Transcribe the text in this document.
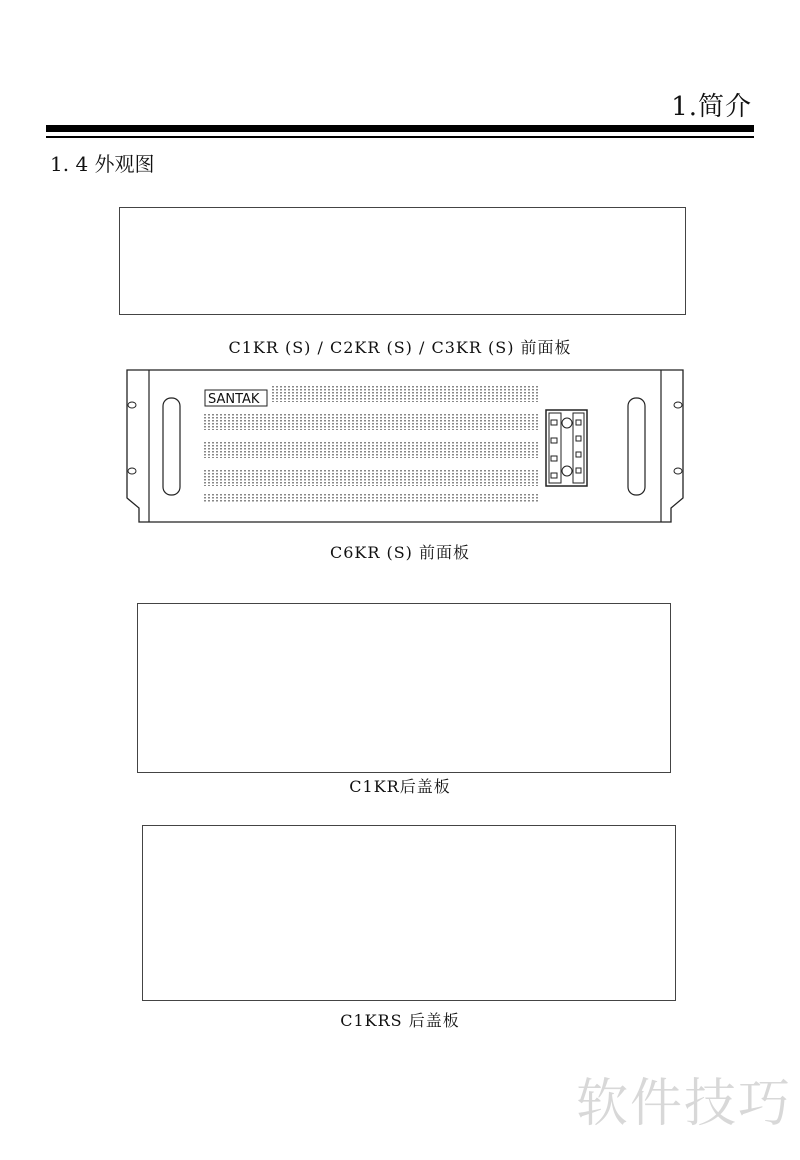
1.简介
1. 4 外观图
C1KR (S) / C2KR (S) / C3KR (S) 前面板
SANTAK
C6KR (S) 前面板
C1KR后盖板
C1KRS 后盖板
软件技巧
